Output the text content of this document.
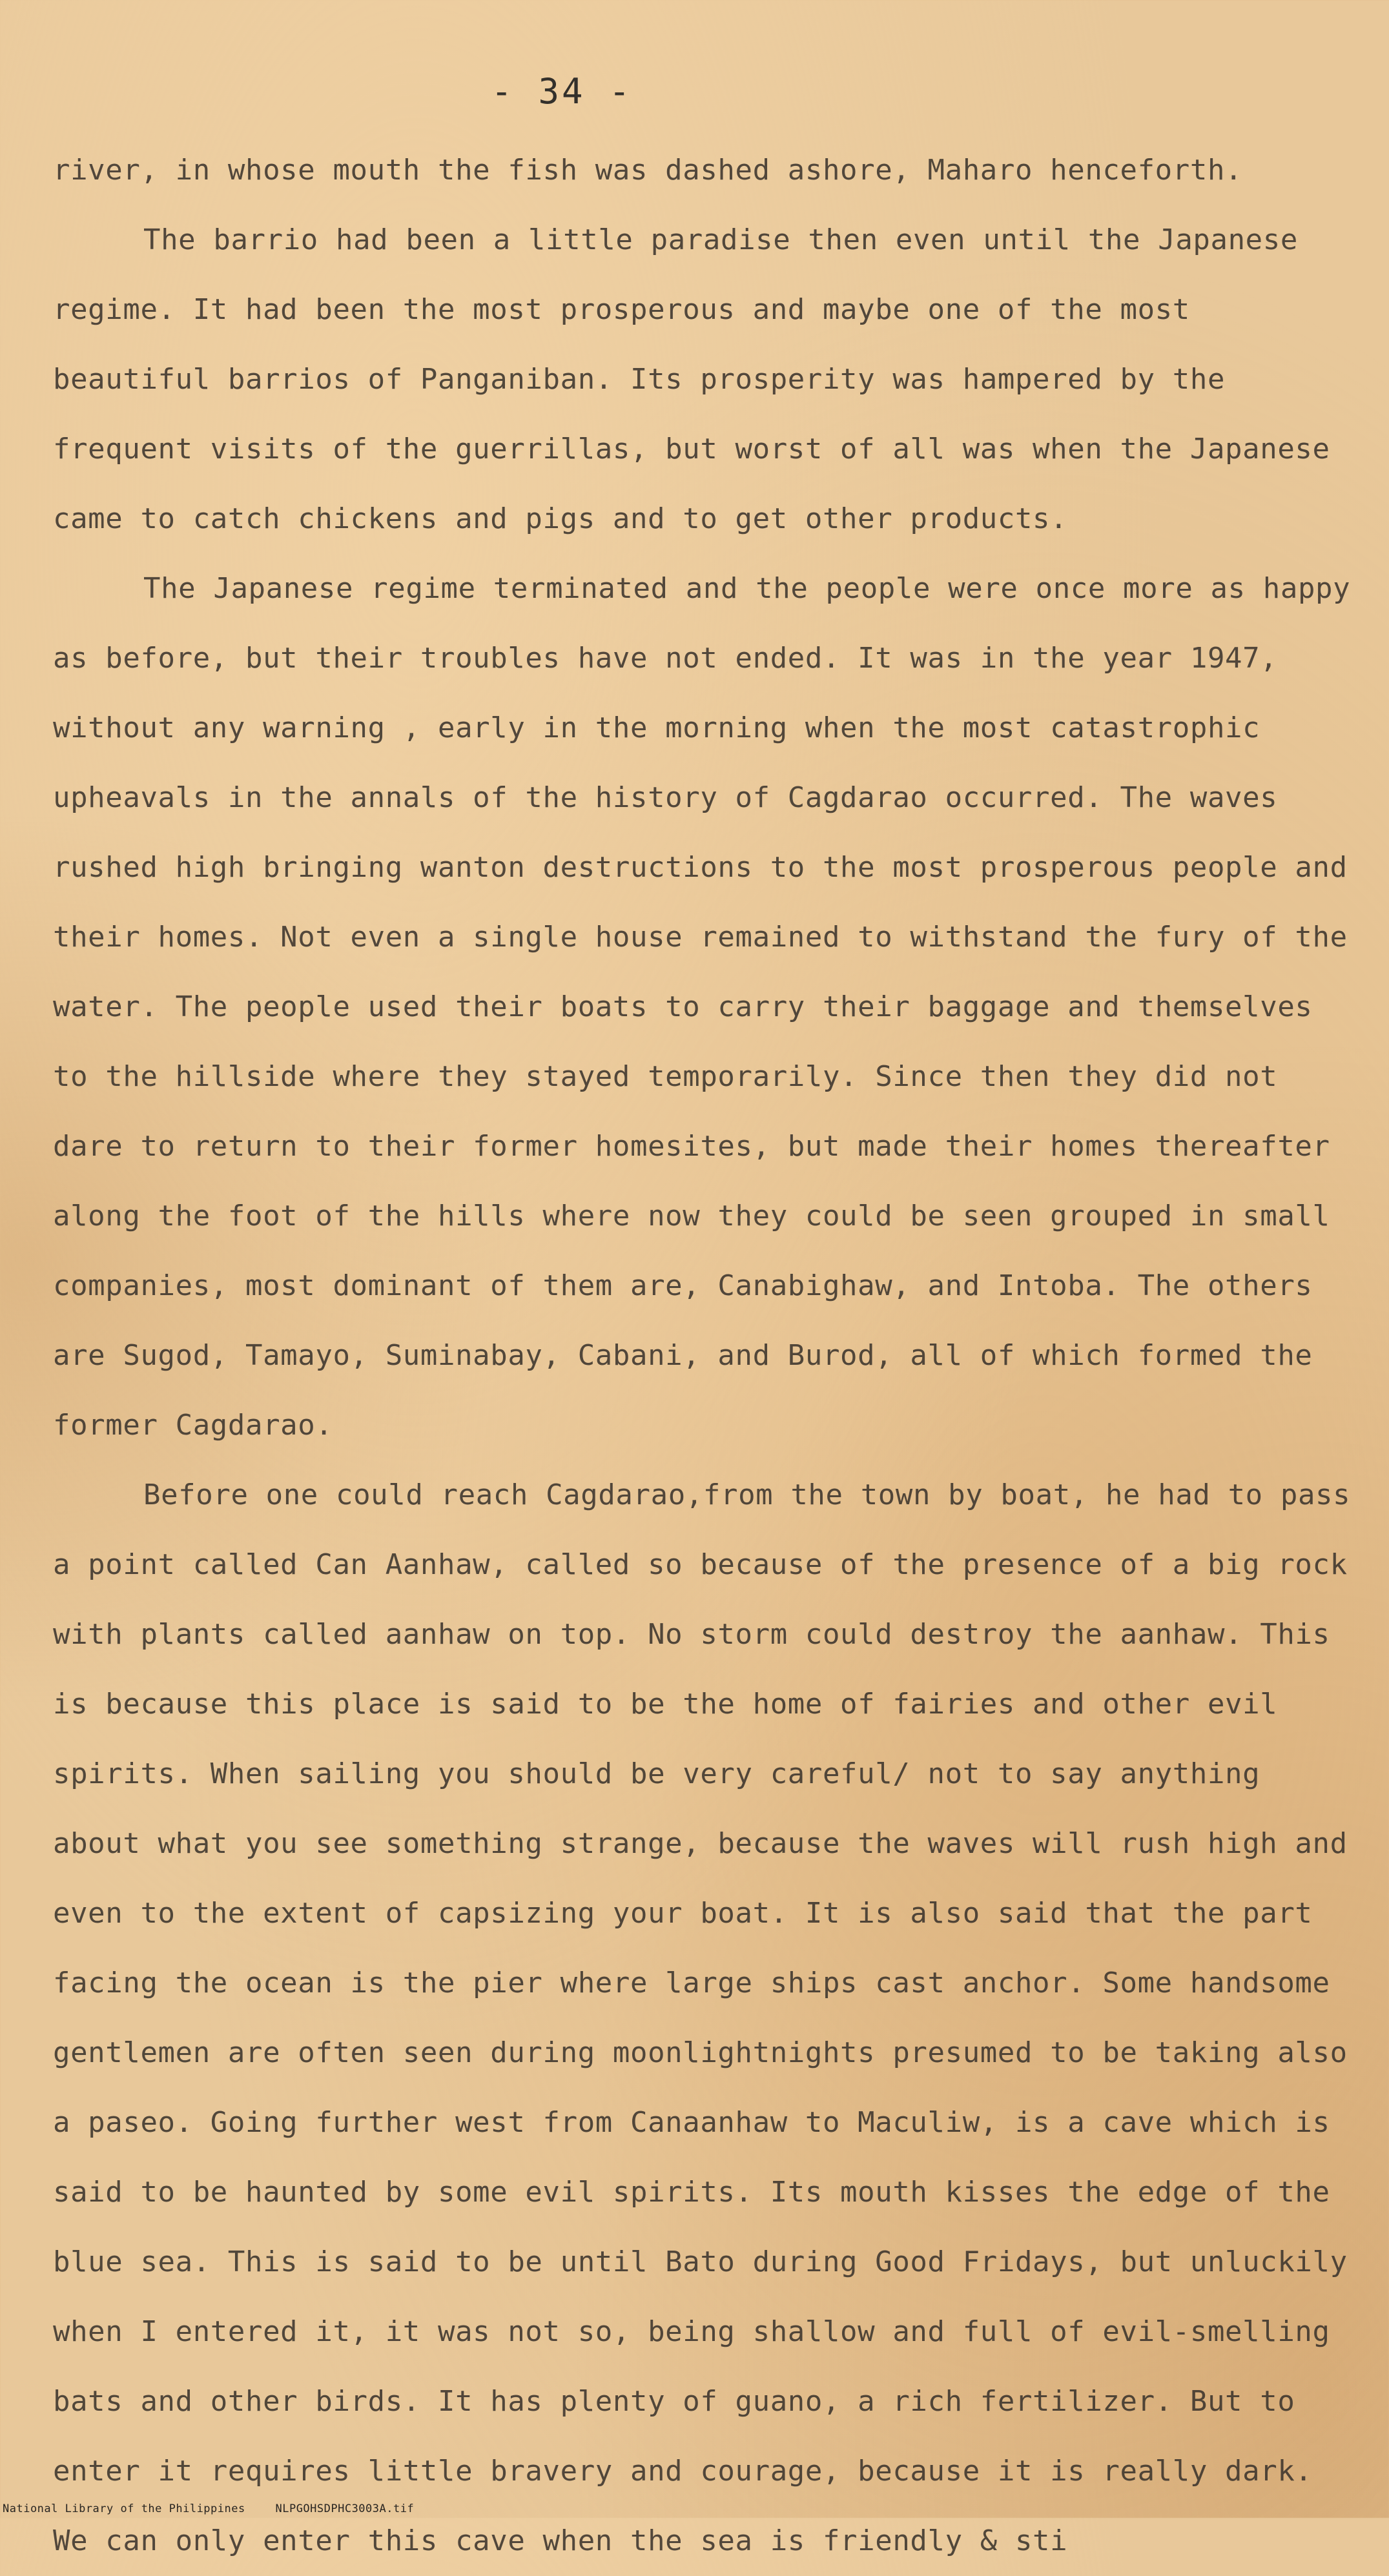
- 34 -

river, in whose mouth the fish was dashed ashore, Maharo henceforth.

The barrio had been a little paradise then even until the Japanese regime. It had been the most prosperous and maybe one of the most beautiful barrios of Panganiban. Its prosperity was hampered by the frequent visits of the guerrillas, but worst of all was when the Japanese came to catch chickens and pigs and to get other products.

The Japanese regime terminated and the people were once more as happy as before, but their troubles have not ended. It was in the year 1947, without any warning , early in the morning when the most catastrophic upheavals in the annals of the history of Cagdarao occurred. The waves rushed high bringing wanton destructions to the most prosperous people and their homes. Not even a single house remained to withstand the fury of the water. The people used their boats to carry their baggage and themselves to the hillside where they stayed temporarily. Since then they did not dare to return to their former homesites, but made their homes thereafter along the foot of the hills where now they could be seen grouped in small companies, most dominant of them are, Canabighaw, and Intoba. The others are Sugod, Tamayo, Suminabay, Cabani, and Burod, all of which formed the former Cagdarao.

Before one could reach Cagdarao,from the town by boat, he had to pass a point called Can Aanhaw, called so because of the presence of a big rock with plants called aanhaw on top. No storm could destroy the aanhaw. This is because this place is said to be the home of fairies and other evil spirits. When sailing you should be very careful/ not to say anything about what you see something strange, because the waves will rush high and even to the extent of capsizing your boat. It is also said that the part facing the ocean is the pier where large ships cast anchor. Some handsome gentlemen are often seen during moonlightnights presumed to be taking also a paseo. Going further west from Canaanhaw to Maculiw, is a cave which is said to be haunted by some evil spirits. Its mouth kisses the edge of the blue sea. This is said to be until Bato during Good Fridays, but unluckily when I entered it, it was not so, being shallow and full of evil-smelling bats and other birds. It has plenty of guano, a rich fertilizer. But to enter it requires little bravery and courage, because it is really dark. We can only enter this cave when the sea is friendly & sti

National Library of the Philippines	NLPGOHSDPHC3003A.tif
